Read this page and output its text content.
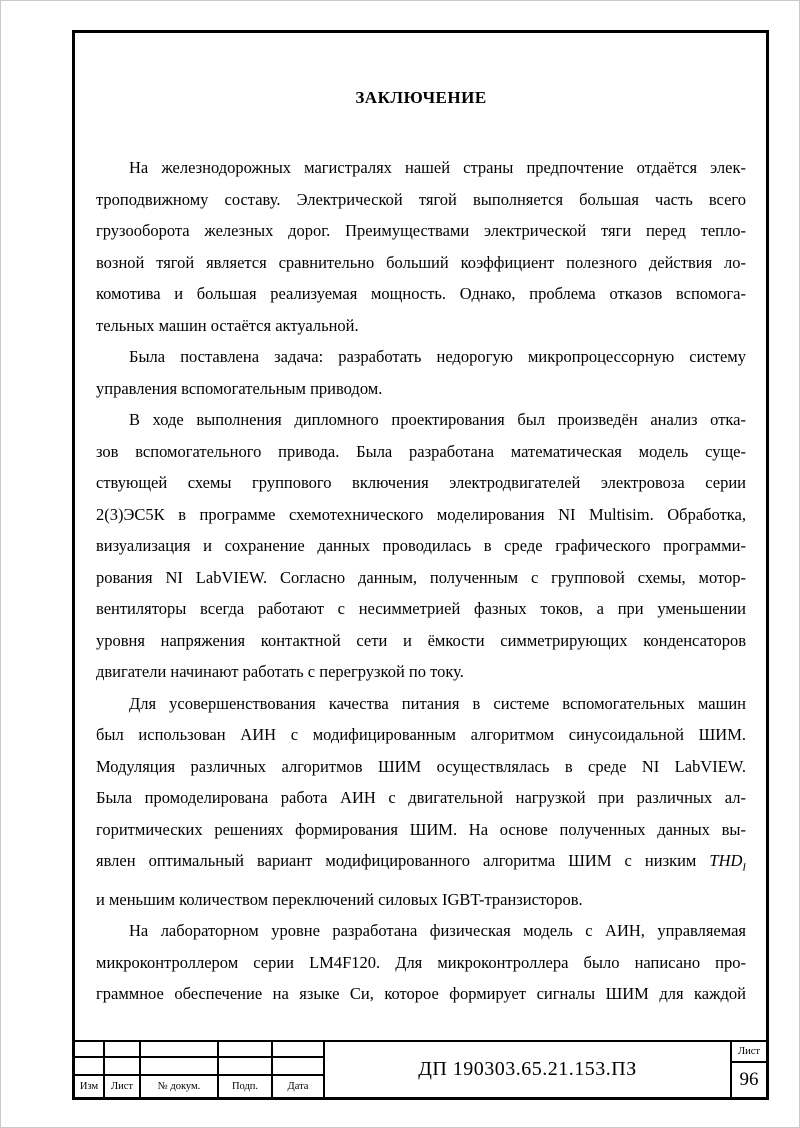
ЗАКЛЮЧЕНИЕ
На железнодорожных магистралях нашей страны предпочтение отдаётся элек-
троподвижному составу. Электрической тягой выполняется большая часть всего
грузооборота железных дорог. Преимуществами электрической тяги перед тепло-
возной тягой является сравнительно больший коэффициент полезного действия ло-
комотива и большая реализуемая мощность. Однако, проблема отказов вспомога-
тельных машин остаётся актуальной.
Была поставлена задача: разработать недорогую микропроцессорную систему
управления вспомогательным приводом.
В ходе выполнения дипломного проектирования был произведён анализ отка-
зов вспомогательного привода. Была разработана математическая модель суще-
ствующей схемы группового включения электродвигателей электровоза серии
2(3)ЭС5К в программе схемотехнического моделирования NI Multisim. Обработка,
визуализация и сохранение данных проводилась в среде графического программи-
рования NI LabVIEW. Согласно данным, полученным с групповой схемы, мотор-
вентиляторы всегда работают с несимметрией фазных токов, а при уменьшении
уровня напряжения контактной сети и ёмкости симметрирующих конденсаторов
двигатели начинают работать с перегрузкой по току.
Для усовершенствования качества питания в системе вспомогательных машин
был использован АИН с модифицированным алгоритмом синусоидальной ШИМ.
Модуляция различных алгоритмов ШИМ осуществлялась в среде NI LabVIEW.
Была промоделирована работа АИН с двигательной нагрузкой при различных ал-
горитмических решениях формирования ШИМ. На основе полученных данных вы-
явлен оптимальный вариант модифицированного алгоритма ШИМ с низким $THD_I$
и меньшим количеством переключений силовых IGBT-транзисторов.
На лабораторном уровне разработана физическая модель с АИН, управляемая
микроконтроллером серии LM4F120. Для микроконтроллера было написано про-
граммное обеспечение на языке Си, которое формирует сигналы ШИМ для каждой
Изм	Лист	№ докум.	Подп.	Дата
ДП 190303.65.21.153.ПЗ
Лист
96
